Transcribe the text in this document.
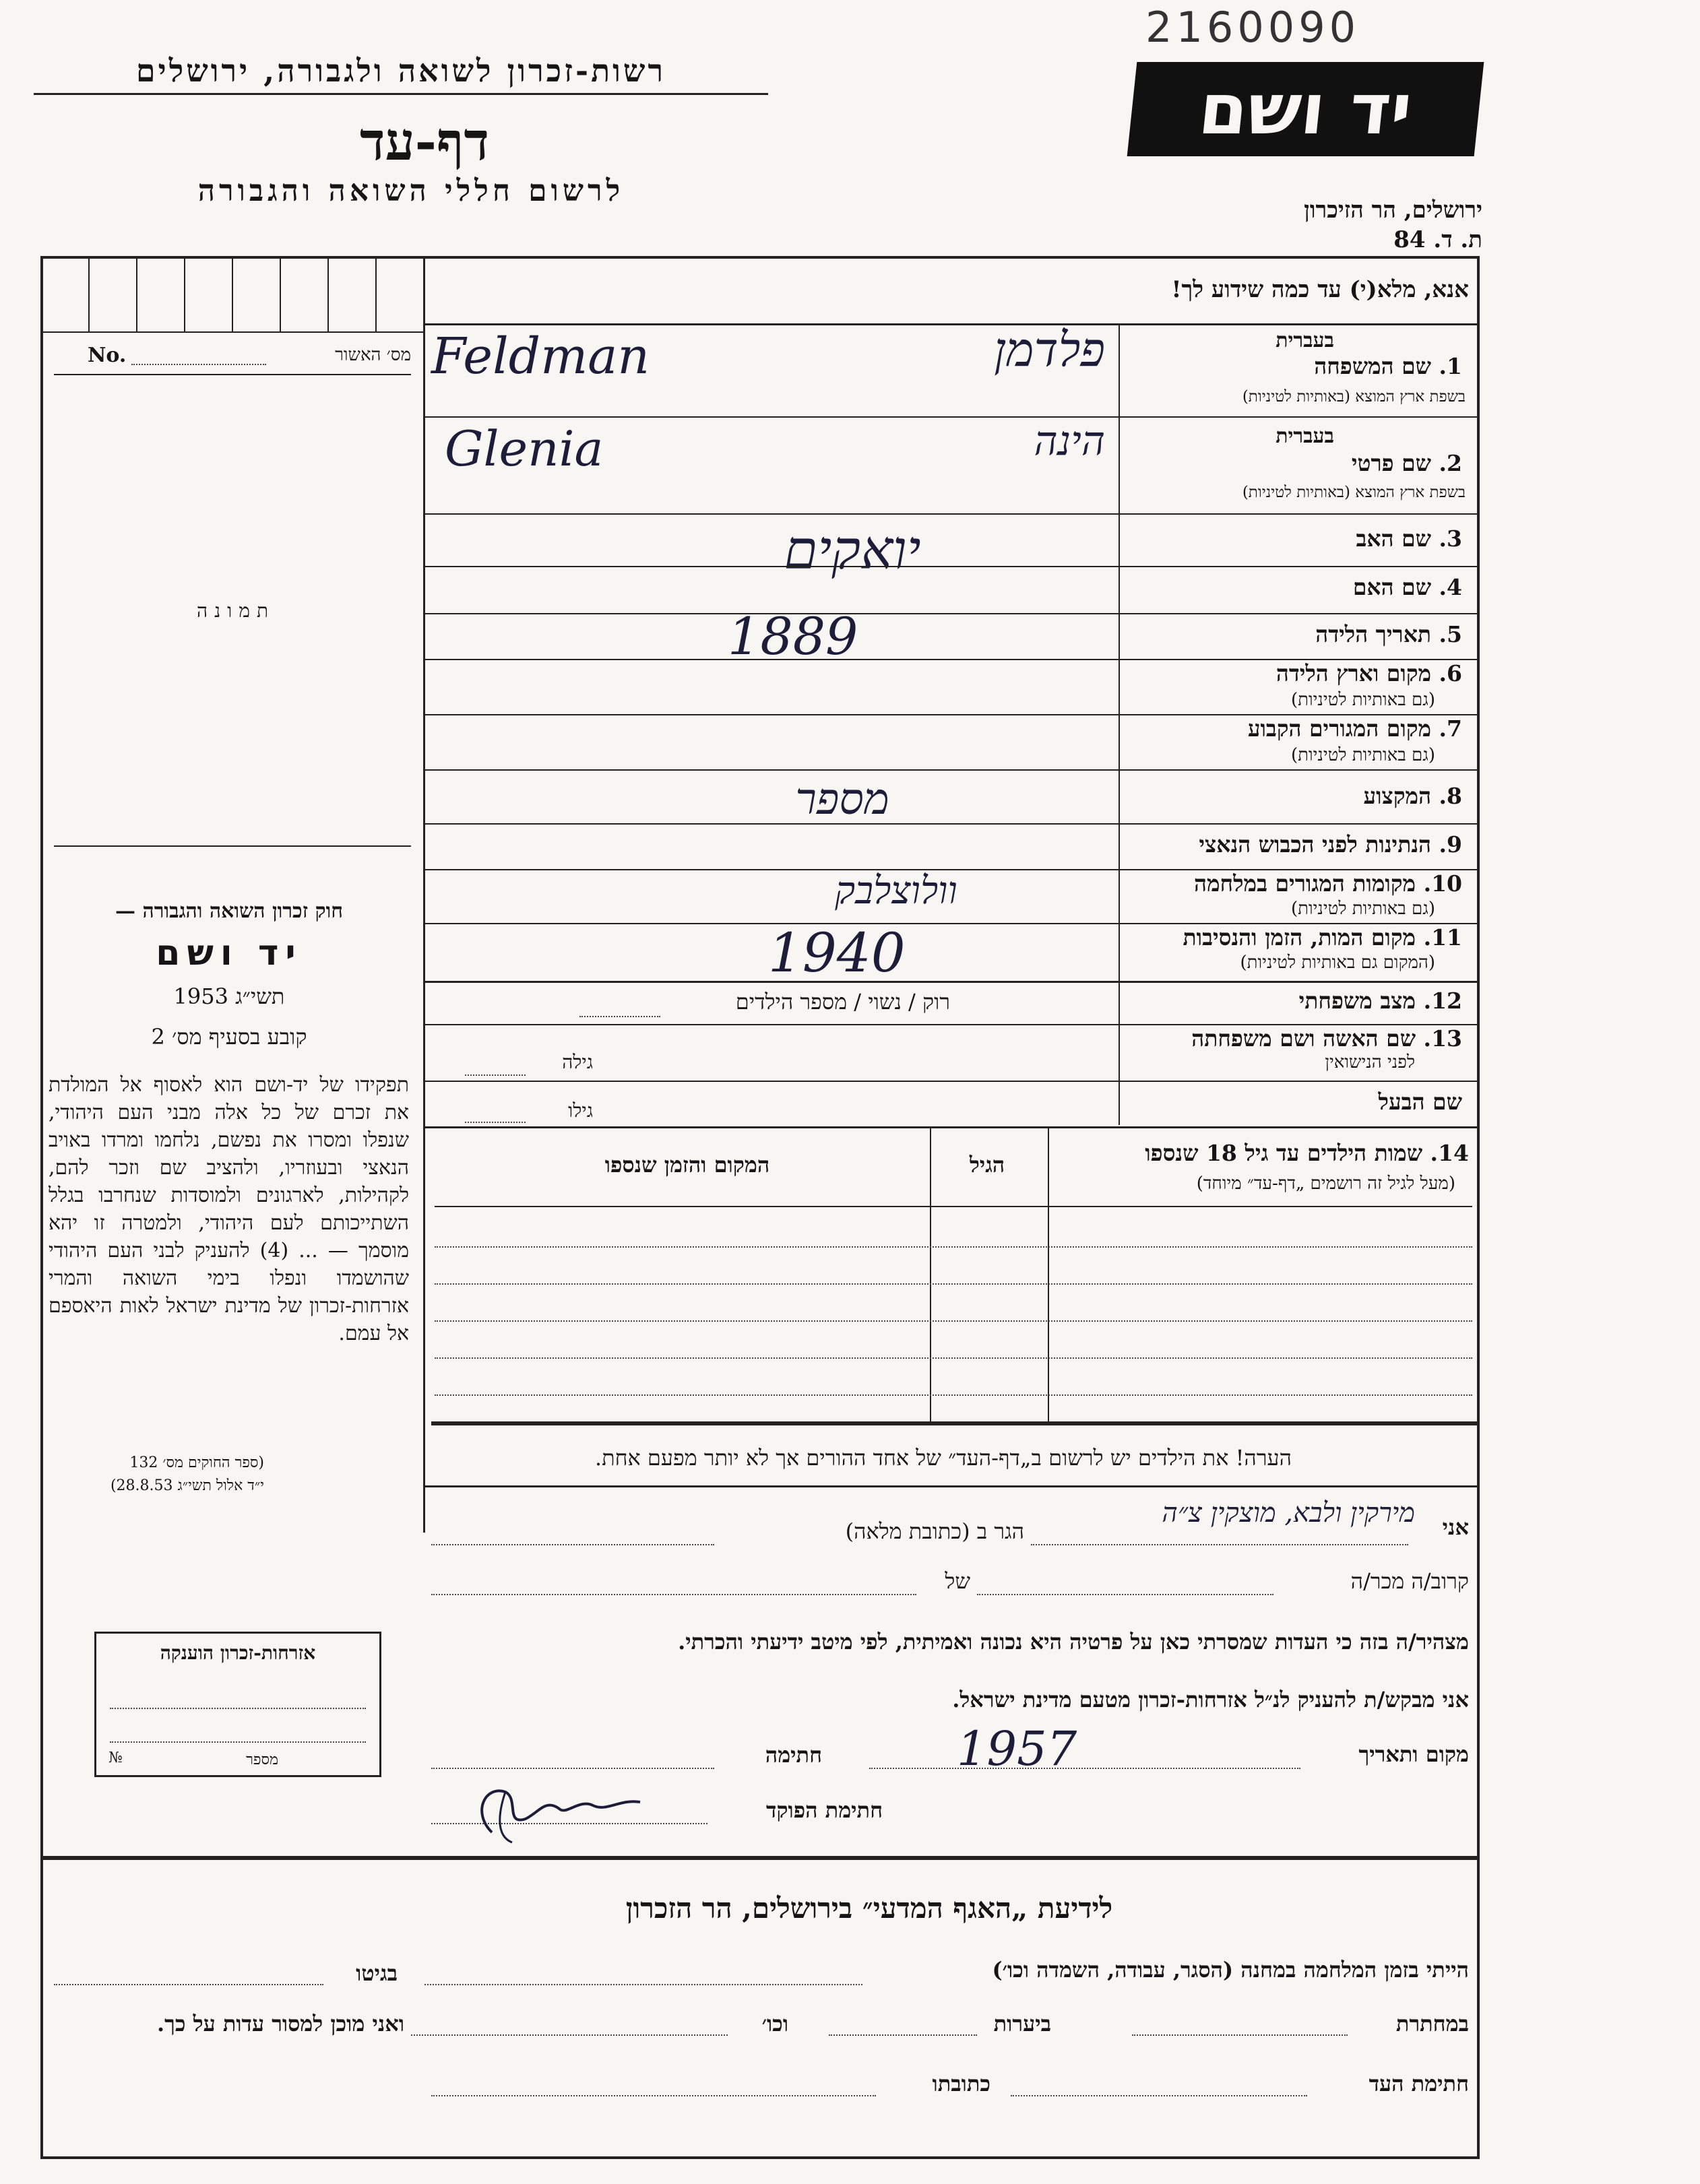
2160090
רשות-זכרון לשואה ולגבורה, ירושלים
דף-עד
לרשום חללי השואה והגבורה
יד ושם
ירושלים, הר הזיכרון
ת. ד. 84
No.	מס׳ האשור
תמונה
חוק זכרון השואה והגבורה —
יד ושם
תשי״ג 1953
קובע בסעיף מס׳ 2
תפקידו של יד-ושם הוא לאסוף אל המולדת את זכרם של כל אלה מבני העם היהודי, שנפלו ומסרו את נפשם, נלחמו ומרדו באויב הנאצי ובעוזריו, ולהציב שם וזכר להם, לקהילות, לארגונים ולמוסדות שנחרבו בגלל השתייכותם לעם היהודי, ולמטרה זו יהא מוסמך — ... (4) להעניק לבני העם היהודי שהושמדו ונפלו בימי השואה והמרי אזרחות-זכרון של מדינת ישראל לאות היאספם אל עמם.
(ספר החוקים מס׳ 132
י״ד אלול תשי״ג 28.8.53)
אזרחות-זכרון הוענקה
מספר
№
אנא, מלא(י) עד כמה שידוע לך!
1. שם המשפחה
בעברית
בשפת ארץ המוצא (באותיות לטיניות)
Feldman	פלדמן
2. שם פרטי
בעברית
בשפת ארץ המוצא (באותיות לטיניות)
Glenia	הינה
3. שם האב
יואקים
4. שם האם
5. תאריך הלידה
1889
6. מקום וארץ הלידה
(גם באותיות לטיניות)
7. מקום המגורים הקבוע
(גם באותיות לטיניות)
8. המקצוע
מספר
9. הנתינות לפני הכבוש הנאצי
10. מקומות המגורים במלחמה
(גם באותיות לטיניות)
וולוצלבק
11. מקום המות, הזמן והנסיבות
(המקום גם באותיות לטיניות)
1940
12. מצב משפחתי
רוק / נשוי / מספר הילדים
13. שם האשה ושם משפחתה
לפני הנישואין
גילה
שם הבעל
גילו
14. שמות הילדים עד גיל 18 שנספו
(מעל לגיל זה רושמים „דף-עד״ מיוחד)
הגיל
המקום והזמן שנספו
הערה! את הילדים יש לרשום ב„דף-העד״ של אחד ההורים אך לא יותר מפעם אחת.
אני
מירקין ולבא, מוצקין צ״ה
הגר ב (כתובת מלאה)
קרוב/ה מכר/ה
של
מצהיר/ה בזה כי העדות שמסרתי כאן על פרטיה היא נכונה ואמיתית, לפי מיטב ידיעתי והכרתי.
אני מבקש/ת להעניק לנ״ל אזרחות-זכרון מטעם מדינת ישראל.
מקום ותאריך
1957
חתימה
חתימת הפוקד
לידיעת „האגף המדעי״ בירושלים, הר הזכרון
הייתי בזמן המלחמה במחנה (הסגר, עבודה, השמדה וכו׳)
בגיטו
במחתרת
ביערות
וכו׳
ואני מוכן למסור עדות על כך.
חתימת העד
כתובתו
